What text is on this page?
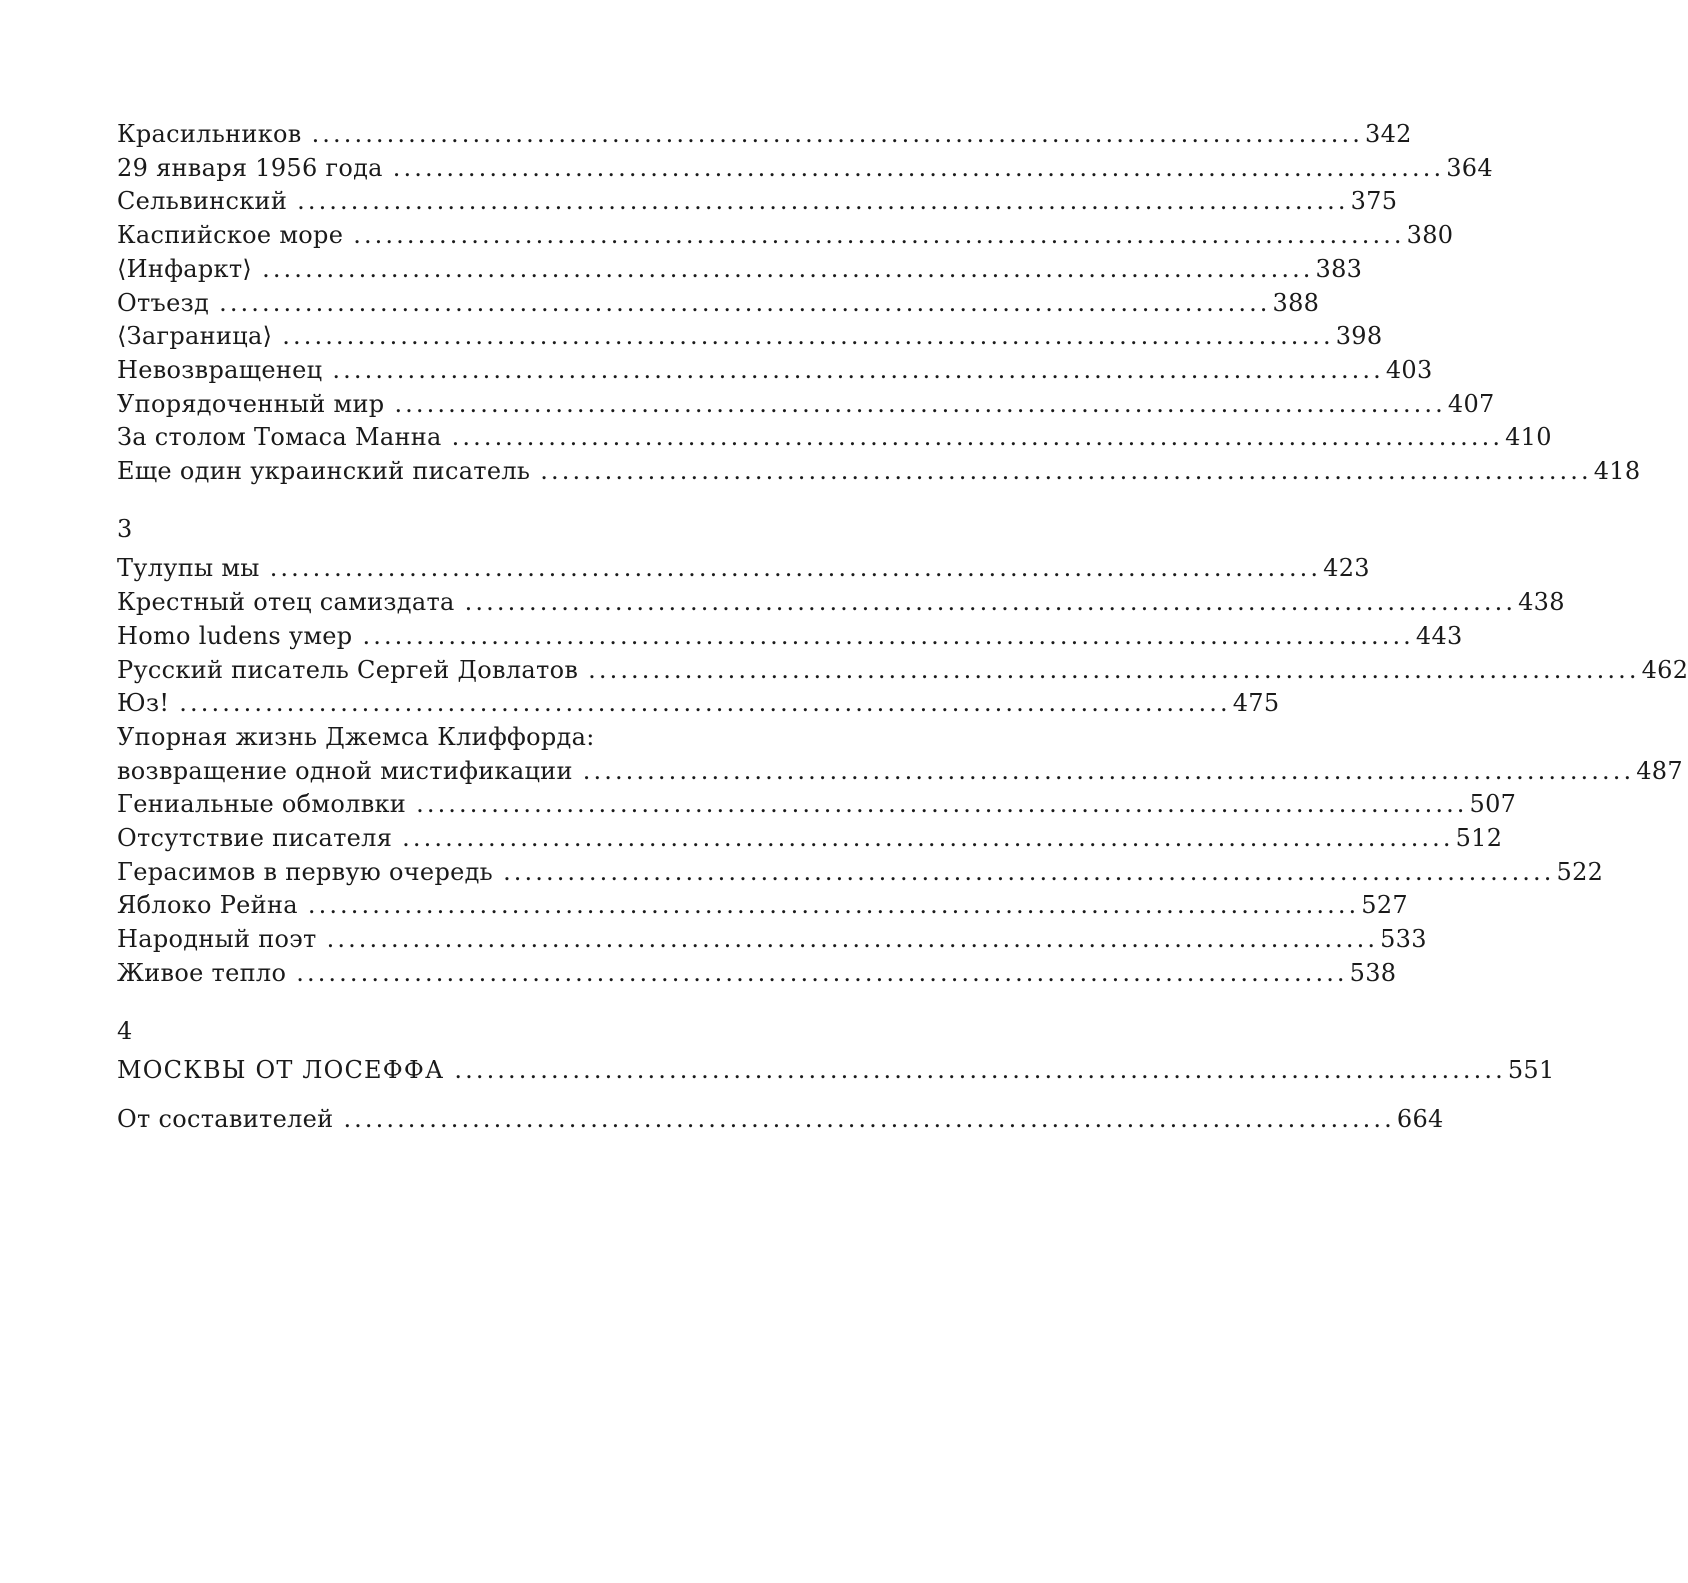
Красильников .................................................................................................. 342
29 января 1956 года .................................................................................................. 364
Сельвинский .................................................................................................. 375
Каспийское море .................................................................................................. 380
⟨Инфаркт⟩ .................................................................................................. 383
Отъезд .................................................................................................. 388
⟨Заграница⟩ .................................................................................................. 398
Невозвращенец .................................................................................................. 403
Упорядоченный мир .................................................................................................. 407
За столом Томаса Манна .................................................................................................. 410
Еще один украинский писатель .................................................................................................. 418
3
Тулупы мы .................................................................................................. 423
Крестный отец самиздата .................................................................................................. 438
Homo ludens умер .................................................................................................. 443
Русский писатель Сергей Довлатов .................................................................................................. 462
Юз! .................................................................................................. 475
Упорная жизнь Джемса Клиффорда:
возвращение одной мистификации .................................................................................................. 487
Гениальные обмолвки .................................................................................................. 507
Отсутствие писателя .................................................................................................. 512
Герасимов в первую очередь .................................................................................................. 522
Яблоко Рейна .................................................................................................. 527
Народный поэт .................................................................................................. 533
Живое тепло .................................................................................................. 538
4
МОСКВЫ ОТ ЛОСЕФФА .................................................................................................. 551
От составителей .................................................................................................. 664
